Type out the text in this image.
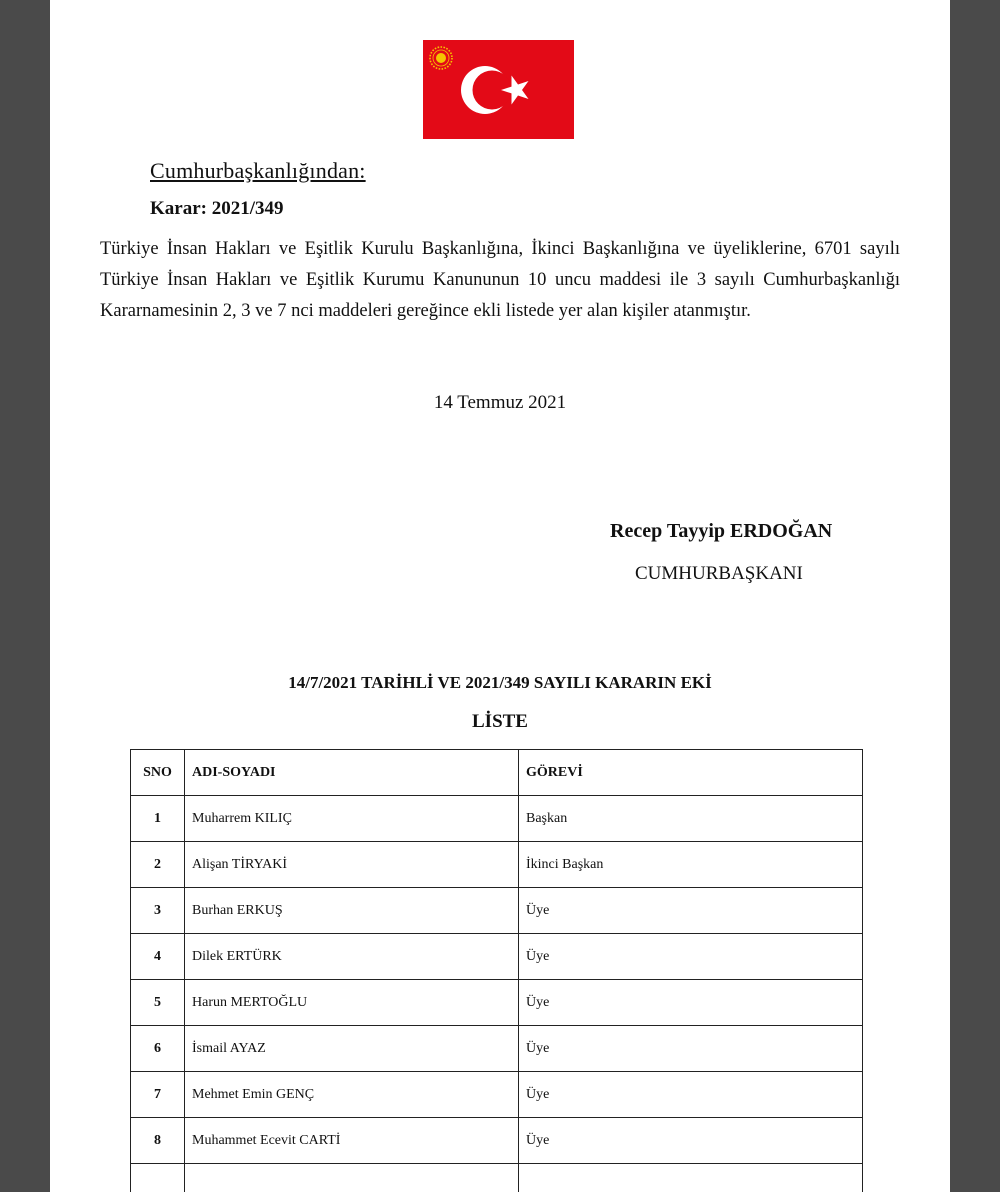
Cumhurbaşkanlığından:
Karar: 2021/349
Türkiye İnsan Hakları ve Eşitlik Kurulu Başkanlığına, İkinci Başkanlığına ve üyeliklerine, 6701 sayılı Türkiye İnsan Hakları ve Eşitlik Kurumu Kanununun 10 uncu maddesi ile 3 sayılı Cumhurbaşkanlığı Kararnamesinin 2, 3 ve 7 nci maddeleri gereğince ekli listede yer alan kişiler atanmıştır.
14 Temmuz 2021
Recep Tayyip ERDOĞAN
CUMHURBAŞKANI
14/7/2021 TARİHLİ VE 2021/349 SAYILI KARARIN EKİ
LİSTE
SNO	ADI-SOYADI	GÖREVİ
1	Muharrem KILIÇ	Başkan
2	Alişan TİRYAKİ	İkinci Başkan
3	Burhan ERKUŞ	Üye
4	Dilek ERTÜRK	Üye
5	Harun MERTOĞLU	Üye
6	İsmail AYAZ	Üye
7	Mehmet Emin GENÇ	Üye
8	Muhammet Ecevit CARTİ	Üye
